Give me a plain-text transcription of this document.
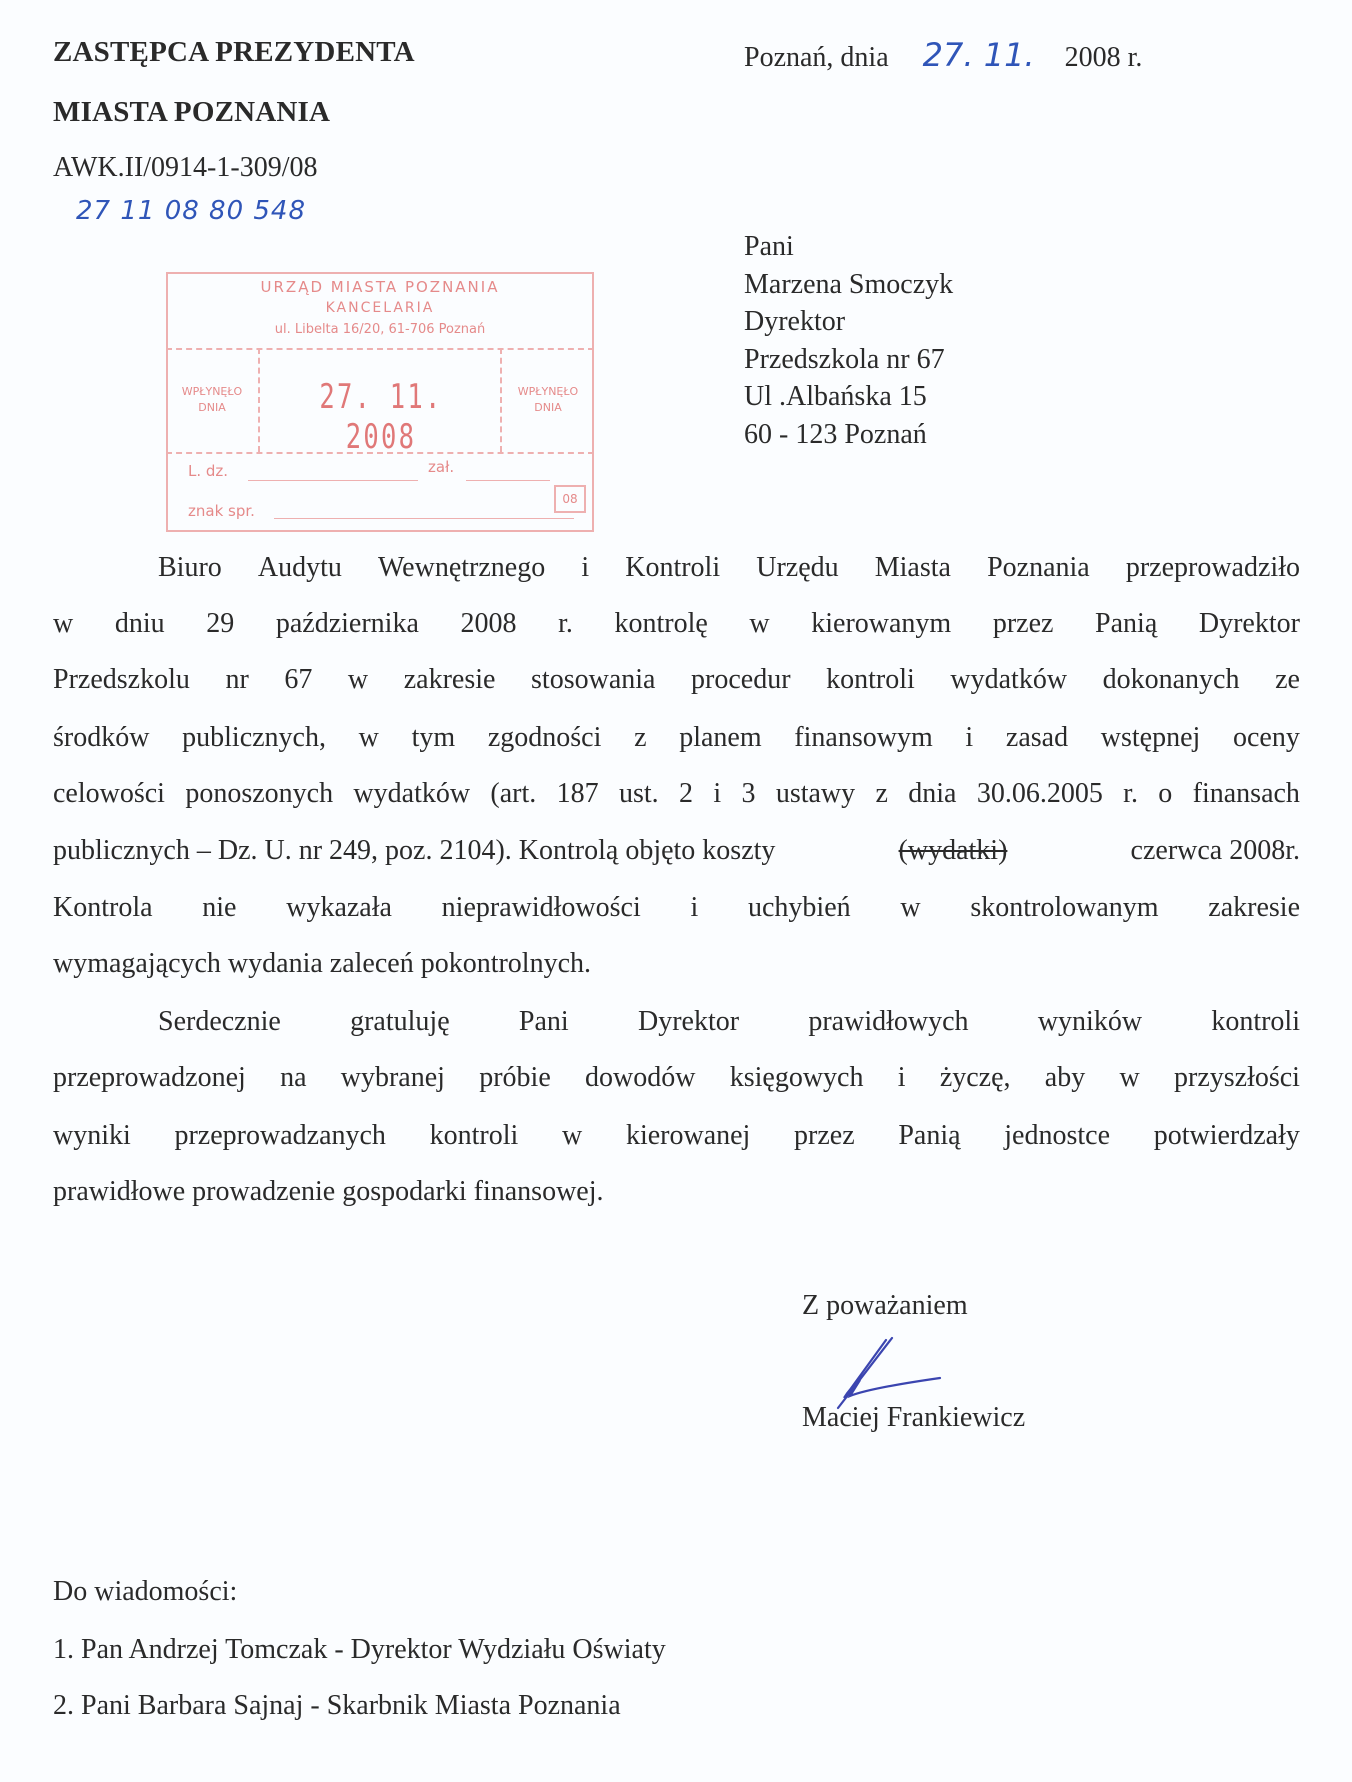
ZASTĘPCA PREZYDENTA
MIASTA POZNANIA
AWK.II/0914-1-309/08
27 11 08 80 548
Poznań, dnia 27. 11. 2008 r.
URZĄD MIASTA POZNANIA
KANCELARIA
ul. Libelta 16/20, 61-706 Poznań
WPŁYNĘŁO
DNIA
WPŁYNĘŁO
DNIA
27. 11. 2008
L. dz.	zał.
08
znak spr.
Pani
Marzena Smoczyk
Dyrektor
Przedszkola nr 67
Ul .Albańska 15
60 - 123 Poznań
Biuro Audytu Wewnętrznego i Kontroli Urzędu Miasta Poznania przeprowadziło
w dniu 29 października 2008 r. kontrolę w kierowanym przez Panią Dyrektor
Przedszkolu nr 67 w zakresie stosowania procedur kontroli wydatków dokonanych ze
środków publicznych, w tym zgodności z planem finansowym i zasad wstępnej oceny
celowości ponoszonych wydatków (art. 187 ust. 2 i 3 ustawy z dnia 30.06.2005 r. o finansach
publicznych – Dz. U. nr 249, poz. 2104). Kontrolą objęto koszty	(wydatki)	czerwca 2008r.
Kontrola nie wykazała nieprawidłowości i uchybień w skontrolowanym zakresie
wymagających wydania zaleceń pokontrolnych.
Serdecznie gratuluję Pani Dyrektor prawidłowych wyników kontroli
przeprowadzonej na wybranej próbie dowodów księgowych i życzę, aby w przyszłości
wyniki przeprowadzanych kontroli w kierowanej przez Panią jednostce potwierdzały
prawidłowe prowadzenie gospodarki finansowej.
Z poważaniem
Maciej Frankiewicz
Do wiadomości:
1. Pan Andrzej Tomczak - Dyrektor Wydziału Oświaty
2. Pani Barbara Sajnaj - Skarbnik Miasta Poznania
